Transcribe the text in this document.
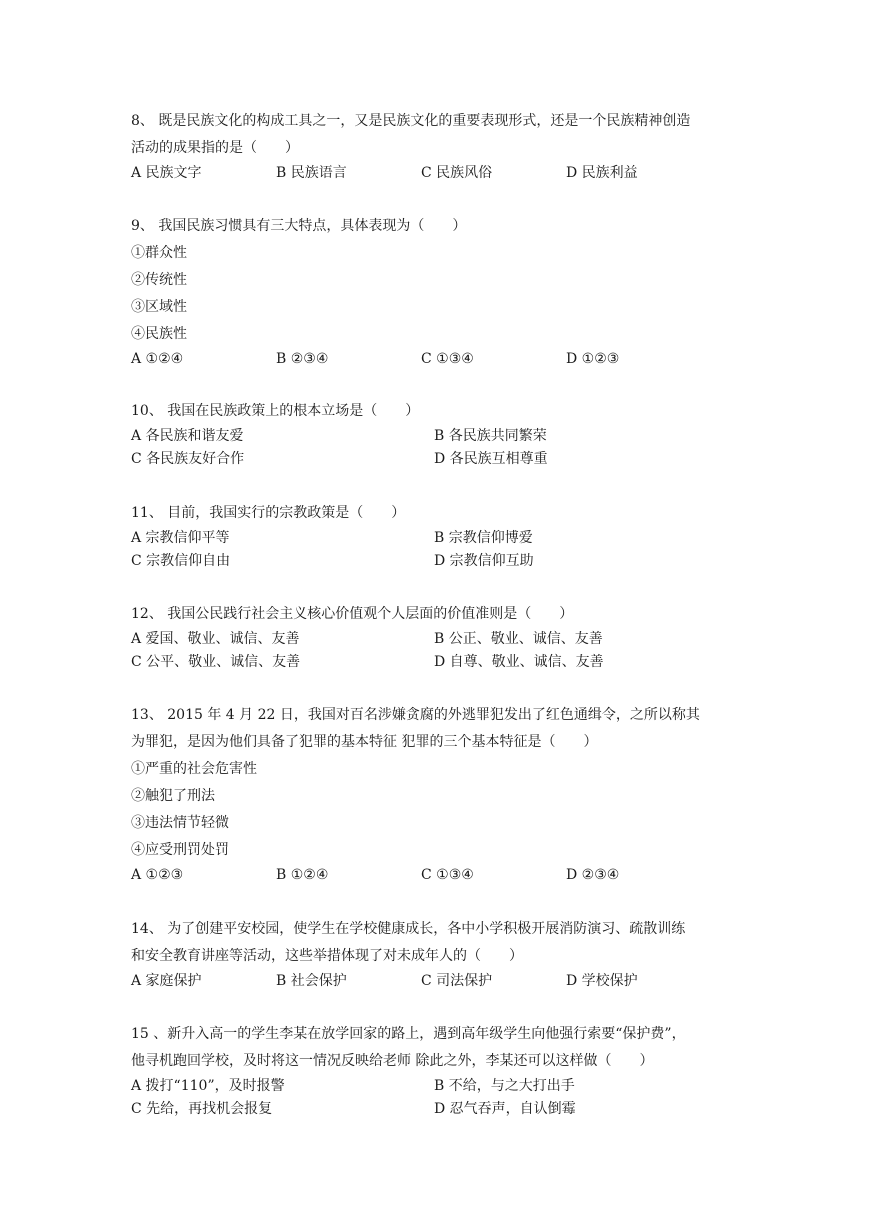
8、 既是民族文化的构成工具之一，又是民族文化的重要表现形式，还是一个民族精神创造
活动的成果指的是（　　）
A 民族文字	B 民族语言	C 民族风俗	D 民族利益
9、 我国民族习惯具有三大特点，具体表现为（　　）
①群众性
②传统性
③区域性
④民族性
A ①②④	B ②③④	C ①③④	D ①②③
10、 我国在民族政策上的根本立场是（　　）
A 各民族和谐友爱	B 各民族共同繁荣
C 各民族友好合作	D 各民族互相尊重
11、 目前，我国实行的宗教政策是（　　）
A 宗教信仰平等	B 宗教信仰博爱
C 宗教信仰自由	D 宗教信仰互助
12、 我国公民践行社会主义核心价值观个人层面的价值准则是（　　）
A 爱国、敬业、诚信、友善	B 公正、敬业、诚信、友善
C 公平、敬业、诚信、友善	D 自尊、敬业、诚信、友善
13、 2015 年 4 月 22 日，我国对百名涉嫌贪腐的外逃罪犯发出了红色通缉令，之所以称其
为罪犯，是因为他们具备了犯罪的基本特征 犯罪的三个基本特征是（　　）
①严重的社会危害性
②触犯了刑法
③违法情节轻微
④应受刑罚处罚
A ①②③	B ①②④	C ①③④	D ②③④
14、 为了创建平安校园，使学生在学校健康成长，各中小学积极开展消防演习、疏散训练
和安全教育讲座等活动，这些举措体现了对未成年人的（　　）
A 家庭保护	B 社会保护	C 司法保护	D 学校保护
15 、新升入高一的学生李某在放学回家的路上，遇到高年级学生向他强行索要“保护费”，
他寻机跑回学校，及时将这一情况反映给老师 除此之外，李某还可以这样做（　　）
A 拨打“110”，及时报警	B 不给，与之大打出手
C 先给，再找机会报复	D 忍气吞声，自认倒霉
